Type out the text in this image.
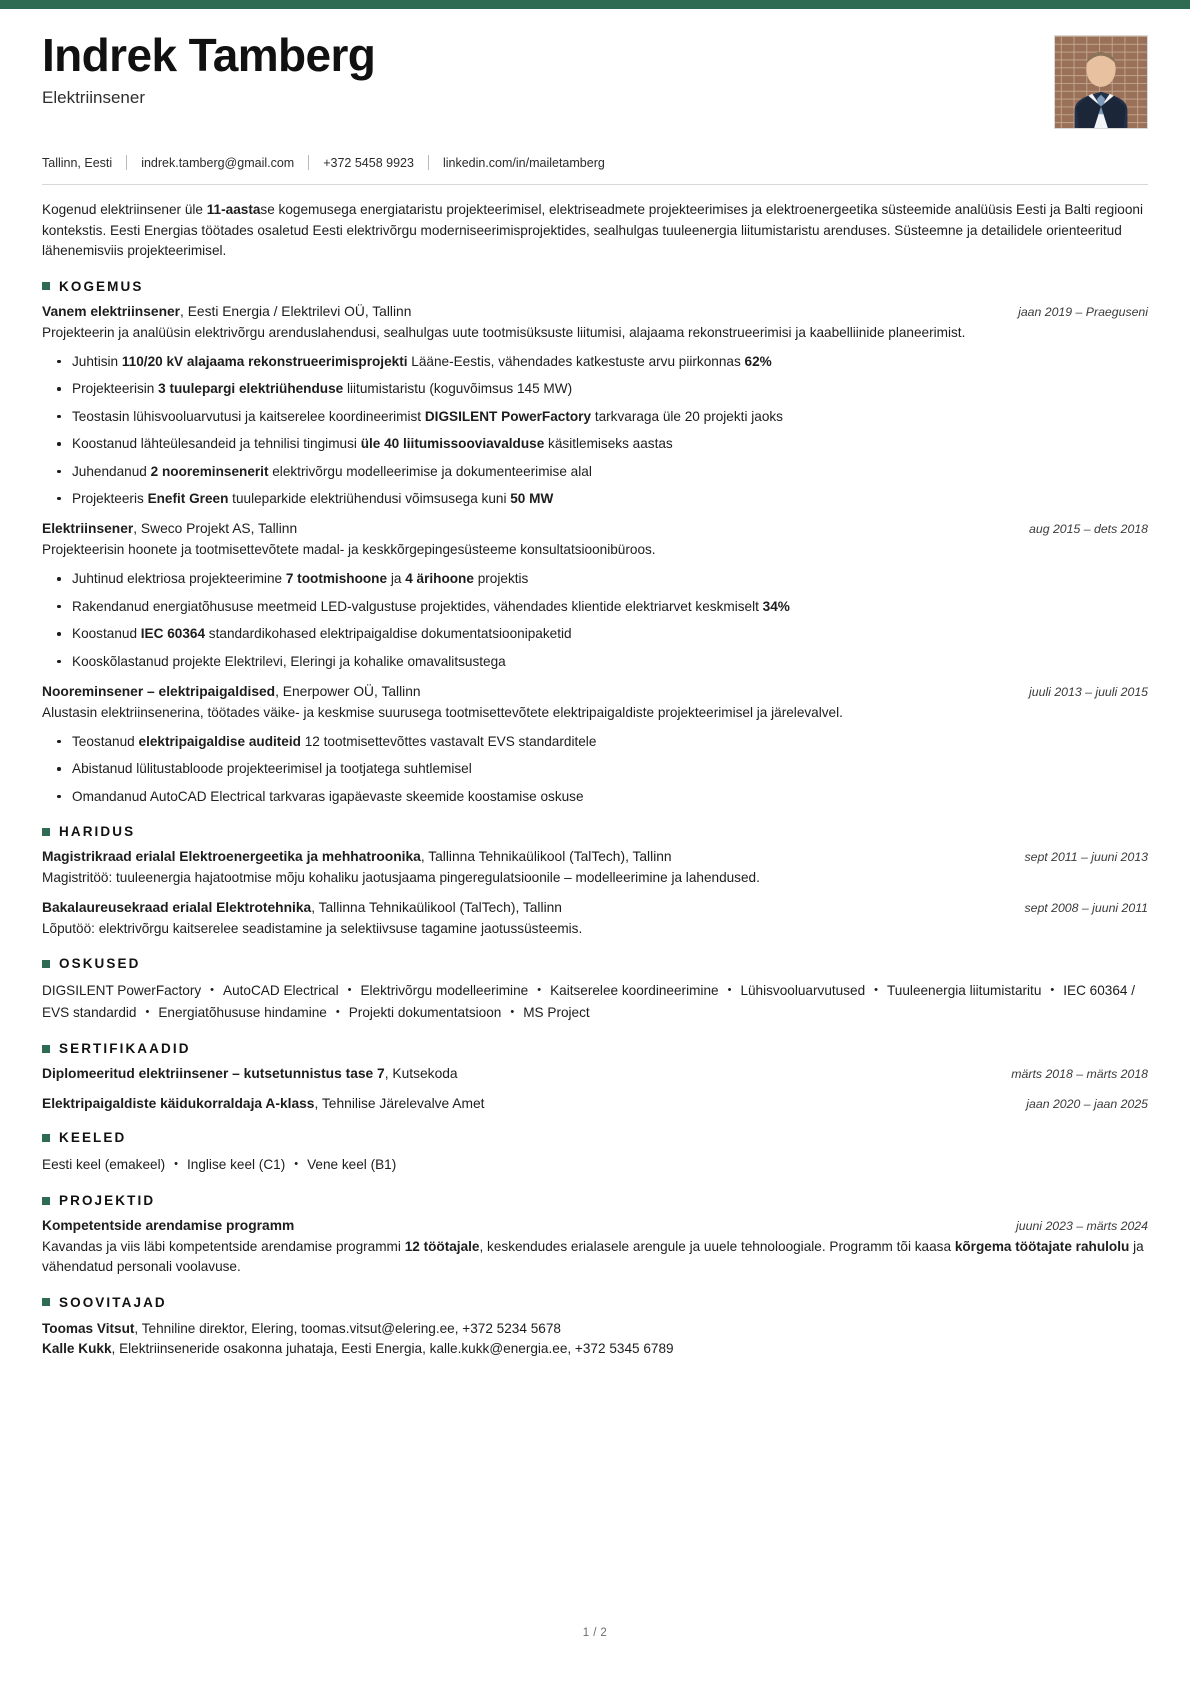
Indrek Tamberg
Elektriinsener
Tallinn, Eesti indrek.tamberg@gmail.com +372 5458 9923 linkedin.com/in/mailetamberg
Kogenud elektriinsener üle 11-aastase kogemusega energiataristu projekteerimisel, elektriseadmete projekteerimises ja elektroenergeetika süsteemide analüüsis Eesti ja Balti regiooni kontekstis. Eesti Energias töötades osaletud Eesti elektrivõrgu moderniseerimisprojektides, sealhulgas tuuleenergia liitumistaristu arenduses. Süsteemne ja detailidele orienteeritud lähenemisviis projekteerimisel.
KOGEMUS
Vanem elektriinsener, Eesti Energia / Elektrilevi OÜ, Tallinn	jaan 2019 – Praeguseni
Projekteerin ja analüüsin elektrivõrgu arenduslahendusi, sealhulgas uute tootmisüksuste liitumisi, alajaama rekonstrueerimisi ja kaabelliinide planeerimist.
Juhtisin 110/20 kV alajaama rekonstrueerimisprojekti Lääne-Eestis, vähendades katkestuste arvu piirkonnas 62%
Projekteerisin 3 tuulepargi elektriühenduse liitumistaristu (koguvõimsus 145 MW)
Teostasin lühisvooluarvutusi ja kaitserelee koordineerimist DIGSILENT PowerFactory tarkvaraga üle 20 projekti jaoks
Koostanud lähteülesandeid ja tehnilisi tingimusi üle 40 liitumissooviavalduse käsitlemiseks aastas
Juhendanud 2 nooreminsenerit elektrivõrgu modelleerimise ja dokumenteerimise alal
Projekteeris Enefit Green tuuleparkide elektriühendusi võimsusega kuni 50 MW
Elektriinsener, Sweco Projekt AS, Tallinn	aug 2015 – dets 2018
Projekteerisin hoonete ja tootmisettevõtete madal- ja keskkõrgepingesüsteeme konsultatsioonibüroos.
Juhtinud elektriosa projekteerimine 7 tootmishoone ja 4 ärihoone projektis
Rakendanud energiatõhususe meetmeid LED-valgustuse projektides, vähendades klientide elektriarvet keskmiselt 34%
Koostanud IEC 60364 standardikohased elektripaigaldise dokumentatsioonipaketid
Kooskõlastanud projekte Elektrilevi, Eleringi ja kohalike omavalitsustega
Nooreminsener – elektripaigaldised, Enerpower OÜ, Tallinn	juuli 2013 – juuli 2015
Alustasin elektriinsenerina, töötades väike- ja keskmise suurusega tootmisettevõtete elektripaigaldiste projekteerimisel ja järelevalvel.
Teostanud elektripaigaldise auditeid 12 tootmisettevõttes vastavalt EVS standarditele
Abistanud lülitustabloode projekteerimisel ja tootjatega suhtlemisel
Omandanud AutoCAD Electrical tarkvaras igapäevaste skeemide koostamise oskuse
HARIDUS
Magistrikraad erialal Elektroenergeetika ja mehhatroonika, Tallinna Tehnikaülikool (TalTech), Tallinn	sept 2011 – juuni 2013
Magistritöö: tuuleenergia hajatootmise mõju kohaliku jaotusjaama pingeregulatsioonile – modelleerimine ja lahendused.
Bakalaureusekraad erialal Elektrotehnika, Tallinna Tehnikaülikool (TalTech), Tallinn	sept 2008 – juuni 2011
Lõputöö: elektrivõrgu kaitserelee seadistamine ja selektiivsuse tagamine jaotussüsteemis.
OSKUSED
DIGSILENT PowerFactory • AutoCAD Electrical • Elektrivõrgu modelleerimine • Kaitserelee koordineerimine • Lühisvooluarvutused • Tuuleenergia liitumistaritu • IEC 60364 / EVS standardid • Energiatõhususe hindamine • Projekti dokumentatsioon • MS Project
SERTIFIKAADID
Diplomeeritud elektriinsener – kutsetunnistus tase 7, Kutsekoda	märts 2018 – märts 2018
Elektripaigaldiste käidukorraldaja A-klass, Tehnilise Järelevalve Amet	jaan 2020 – jaan 2025
KEELED
Eesti keel (emakeel) • Inglise keel (C1) • Vene keel (B1)
PROJEKTID
Kompetentside arendamise programm	juuni 2023 – märts 2024
Kavandas ja viis läbi kompetentside arendamise programmi 12 töötajale, keskendudes erialasele arengule ja uuele tehnoloogiale. Programm tõi kaasa kõrgema töötajate rahulolu ja vähendatud personali voolavuse.
SOOVITAJAD
Toomas Vitsut, Tehniline direktor, Elering, toomas.vitsut@elering.ee, +372 5234 5678
Kalle Kukk, Elektriinseneride osakonna juhataja, Eesti Energia, kalle.kukk@energia.ee, +372 5345 6789
1 / 2
